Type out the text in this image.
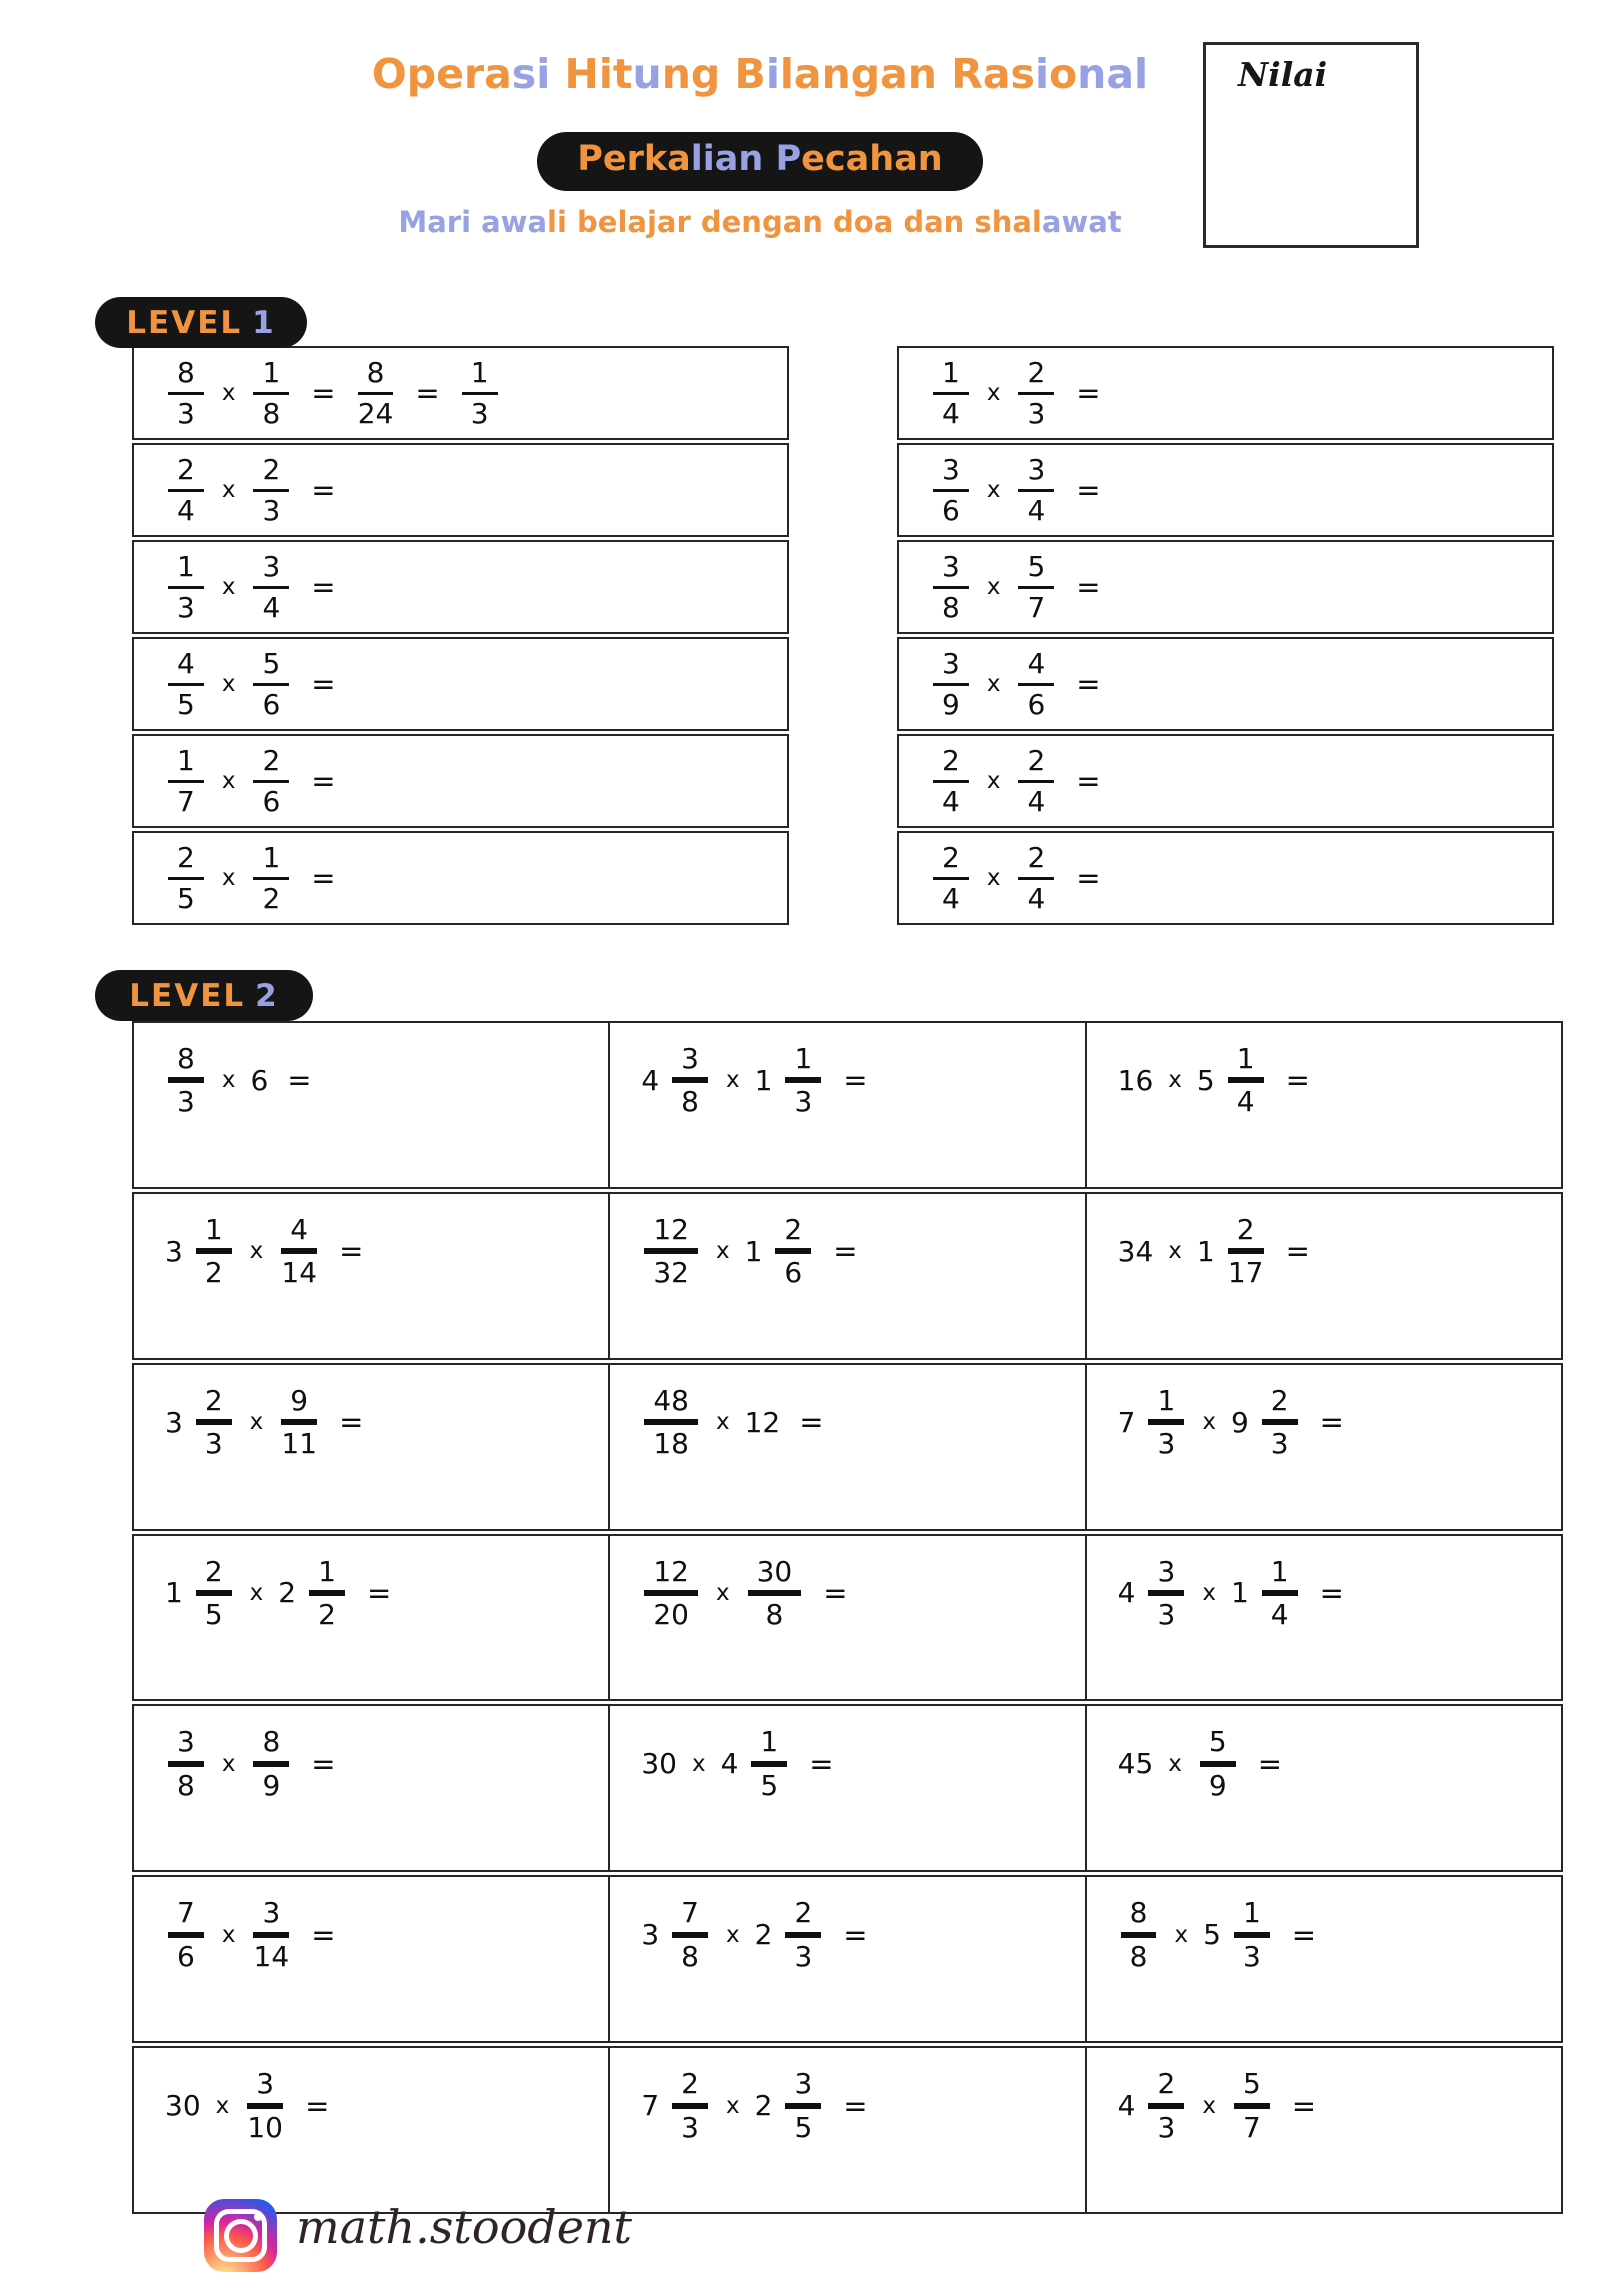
Operasi Hitung Bilangan Rasional

Perkalian Pecahan
Mari awali belajar dengan doa dan shalawat
Nilai
LEVEL 1
$\frac{8}{3}$ x $\frac{1}{8} = \frac{8}{24} = \frac{1}{3}$
$\frac{2}{4}$ x $\frac{2}{3}$ =
$\frac{1}{3}$ x $\frac{3}{4}$ =
$\frac{4}{5}$ x $\frac{5}{6}$ =
$\frac{1}{7}$ x $\frac{2}{6}$ =
$\frac{2}{5}$ x $\frac{1}{2}$ =
$\frac{1}{4}$ x $\frac{2}{3}$ =
$\frac{3}{6}$ x $\frac{3}{4}$ =
$\frac{3}{8}$ x $\frac{5}{7}$ =
$\frac{3}{9}$ x $\frac{4}{6}$ =
$\frac{2}{4}$ x $\frac{2}{4}$ =
$\frac{2}{4}$ x $\frac{2}{4}$ =
LEVEL 2
$\frac{8}{3}$ x 6 =	$4 \frac{3}{8}$ x $1 \frac{1}{3}$ =	16 x $5 \frac{1}{4}$ =
$3 \frac{1}{2}$ x $\frac{4}{14}$ =	$\frac{12}{32}$ x $1 \frac{2}{6}$ =	34 x $1 \frac{2}{17}$ =
$3 \frac{2}{3}$ x $\frac{9}{11}$ =	$\frac{48}{18}$ x 12 =	$7 \frac{1}{3}$ x $9 \frac{2}{3}$ =
$1 \frac{2}{5}$ x $2 \frac{1}{2}$ =	$\frac{12}{20}$ x $\frac{30}{8}$ =	$4 \frac{3}{3}$ x $1 \frac{1}{4}$ =
$\frac{3}{8}$ x $\frac{8}{9}$ =	30 x $4 \frac{1}{5}$ =	45 x $\frac{5}{9}$ =
$\frac{7}{6}$ x $\frac{3}{14}$ =	$3 \frac{7}{8}$ x $2 \frac{2}{3}$ =	$\frac{8}{8}$ x $5 \frac{1}{3}$ =
30 x $\frac{3}{10}$ =	$7 \frac{2}{3}$ x $2 \frac{3}{5}$ =	$4 \frac{2}{3}$ x $\frac{5}{7}$ =
math.stoodent
